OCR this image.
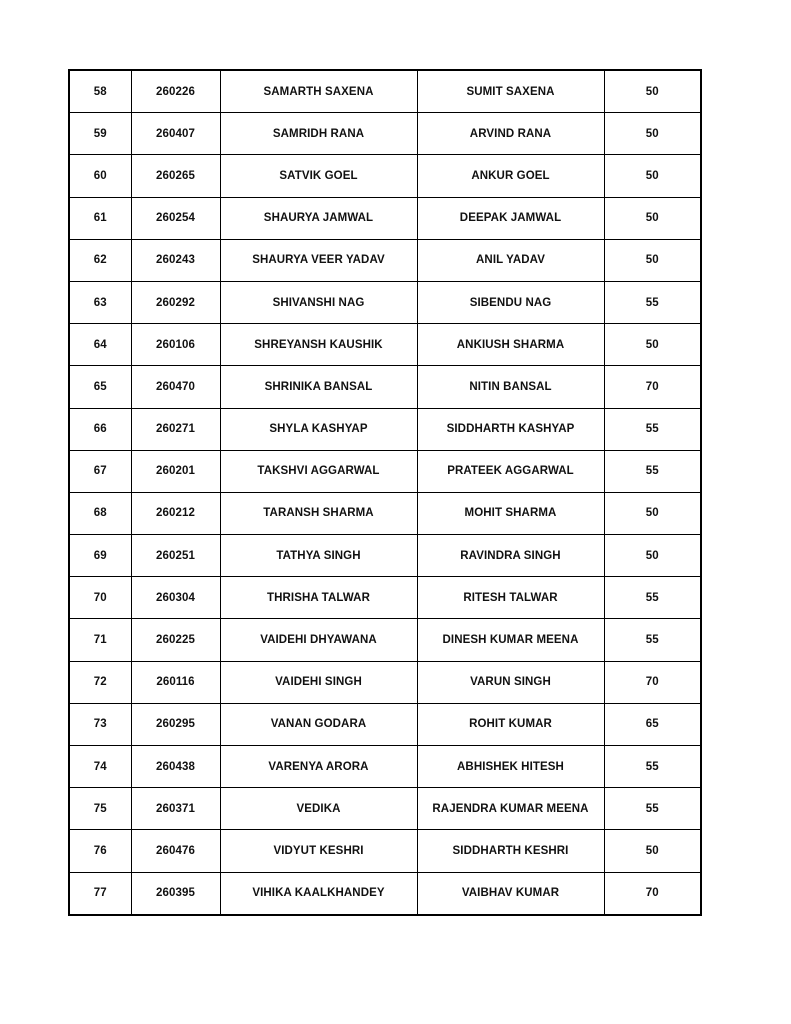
58	260226	SAMARTH SAXENA	SUMIT SAXENA	50
59	260407	SAMRIDH RANA	ARVIND RANA	50
60	260265	SATVIK GOEL	ANKUR GOEL	50
61	260254	SHAURYA JAMWAL	DEEPAK JAMWAL	50
62	260243	SHAURYA VEER YADAV	ANIL YADAV	50
63	260292	SHIVANSHI NAG	SIBENDU NAG	55
64	260106	SHREYANSH KAUSHIK	ANKIUSH SHARMA	50
65	260470	SHRINIKA BANSAL	NITIN BANSAL	70
66	260271	SHYLA KASHYAP	SIDDHARTH KASHYAP	55
67	260201	TAKSHVI AGGARWAL	PRATEEK AGGARWAL	55
68	260212	TARANSH SHARMA	MOHIT SHARMA	50
69	260251	TATHYA SINGH	RAVINDRA SINGH	50
70	260304	THRISHA TALWAR	RITESH TALWAR	55
71	260225	VAIDEHI DHYAWANA	DINESH KUMAR MEENA	55
72	260116	VAIDEHI SINGH	VARUN SINGH	70
73	260295	VANAN GODARA	ROHIT KUMAR	65
74	260438	VARENYA ARORA	ABHISHEK HITESH	55
75	260371	VEDIKA	RAJENDRA KUMAR MEENA	55
76	260476	VIDYUT KESHRI	SIDDHARTH KESHRI	50
77	260395	VIHIKA KAALKHANDEY	VAIBHAV KUMAR	70
